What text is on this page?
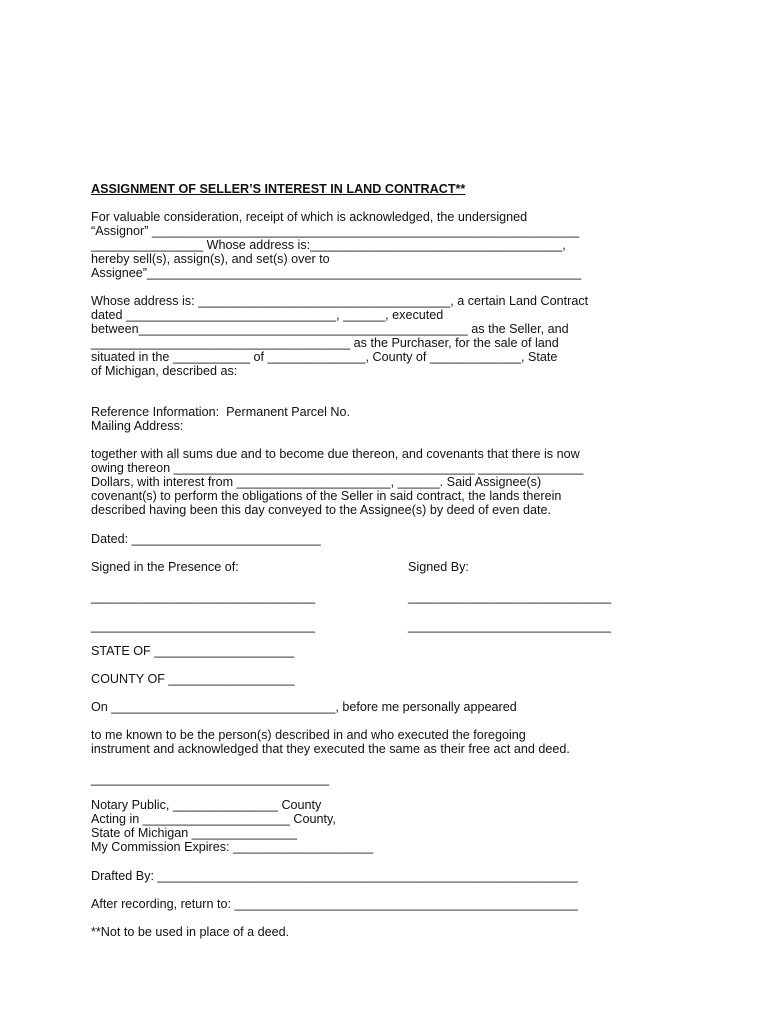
ASSIGNMENT OF SELLER’S INTEREST IN LAND CONTRACT**
For valuable consideration, receipt of which is acknowledged, the undersigned
“Assignor” _____________________________________________________________
________________ Whose address is:____________________________________,
hereby sell(s), assign(s), and set(s) over to
Assignee”______________________________________________________________
Whose address is: ____________________________________, a certain Land Contract
dated ______________________________, ______, executed
between_______________________________________________ as the Seller, and
_____________________________________ as the Purchaser, for the sale of land
situated in the ___________ of ______________, County of _____________, State
of Michigan, described as:
Reference Information:  Permanent Parcel No.
Mailing Address:
together with all sums due and to become due thereon, and covenants that there is now
owing thereon ___________________________________________ _______________
Dollars, with interest from ______________________, ______. Said Assignee(s)
covenant(s) to perform the obligations of the Seller in said contract, the lands therein
described having been this day conveyed to the Assignee(s) by deed of even date.
Dated: ___________________________
Signed in the Presence of:	Signed By:
________________________________	_____________________________
________________________________	_____________________________
STATE OF ____________________
COUNTY OF __________________
On ________________________________, before me personally appeared
to me known to be the person(s) described in and who executed the foregoing
instrument and acknowledged that they executed the same as their free act and deed.
__________________________________
Notary Public, _______________ County
Acting in _____________________ County,
State of Michigan _______________
My Commission Expires: ____________________
Drafted By: ____________________________________________________________
After recording, return to: _________________________________________________
**Not to be used in place of a deed.
